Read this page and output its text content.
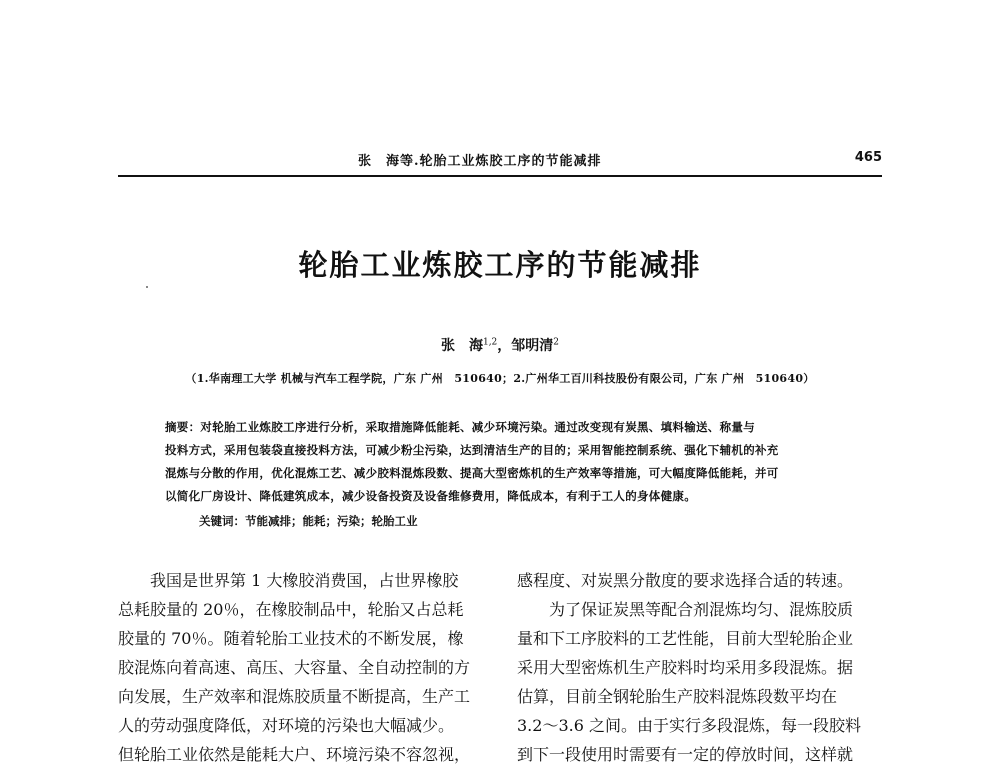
张　海等.轮胎工业炼胶工序的节能减排	465
轮胎工业炼胶工序的节能减排
张　海$^{1,2}$，邹明清$^2$
（1.华南理工大学 机械与汽车工程学院，广东 广州　510640；2.广州华工百川科技股份有限公司，广东 广州　510640）
摘要：对轮胎工业炼胶工序进行分析，采取措施降低能耗、减少环境污染。通过改变现有炭黑、填料输送、称量与
投料方式，采用包装袋直接投料方法，可减少粉尘污染，达到清洁生产的目的；采用智能控制系统、强化下辅机的补充
混炼与分散的作用，优化混炼工艺、减少胶料混炼段数、提高大型密炼机的生产效率等措施，可大幅度降低能耗，并可
以简化厂房设计、降低建筑成本，减少设备投资及设备维修费用，降低成本，有利于工人的身体健康。
关键词：节能减排；能耗；污染；轮胎工业
　　我国是世界第 1 大橡胶消费国，占世界橡胶
总耗胶量的 20％，在橡胶制品中，轮胎又占总耗
胶量的 70％。随着轮胎工业技术的不断发展，橡
胶混炼向着高速、高压、大容量、全自动控制的方
向发展，生产效率和混炼胶质量不断提高，生产工
人的劳动强度降低，对环境的污染也大幅减少。
但轮胎工业依然是能耗大户、环境污染不容忽视，
感程度、对炭黑分散度的要求选择合适的转速。
　　为了保证炭黑等配合剂混炼均匀、混炼胶质
量和下工序胶料的工艺性能，目前大型轮胎企业
采用大型密炼机生产胶料时均采用多段混炼。据
估算，目前全钢轮胎生产胶料混炼段数平均在
3.2～3.6 之间。由于实行多段混炼，每一段胶料
到下一段使用时需要有一定的停放时间，这样就
